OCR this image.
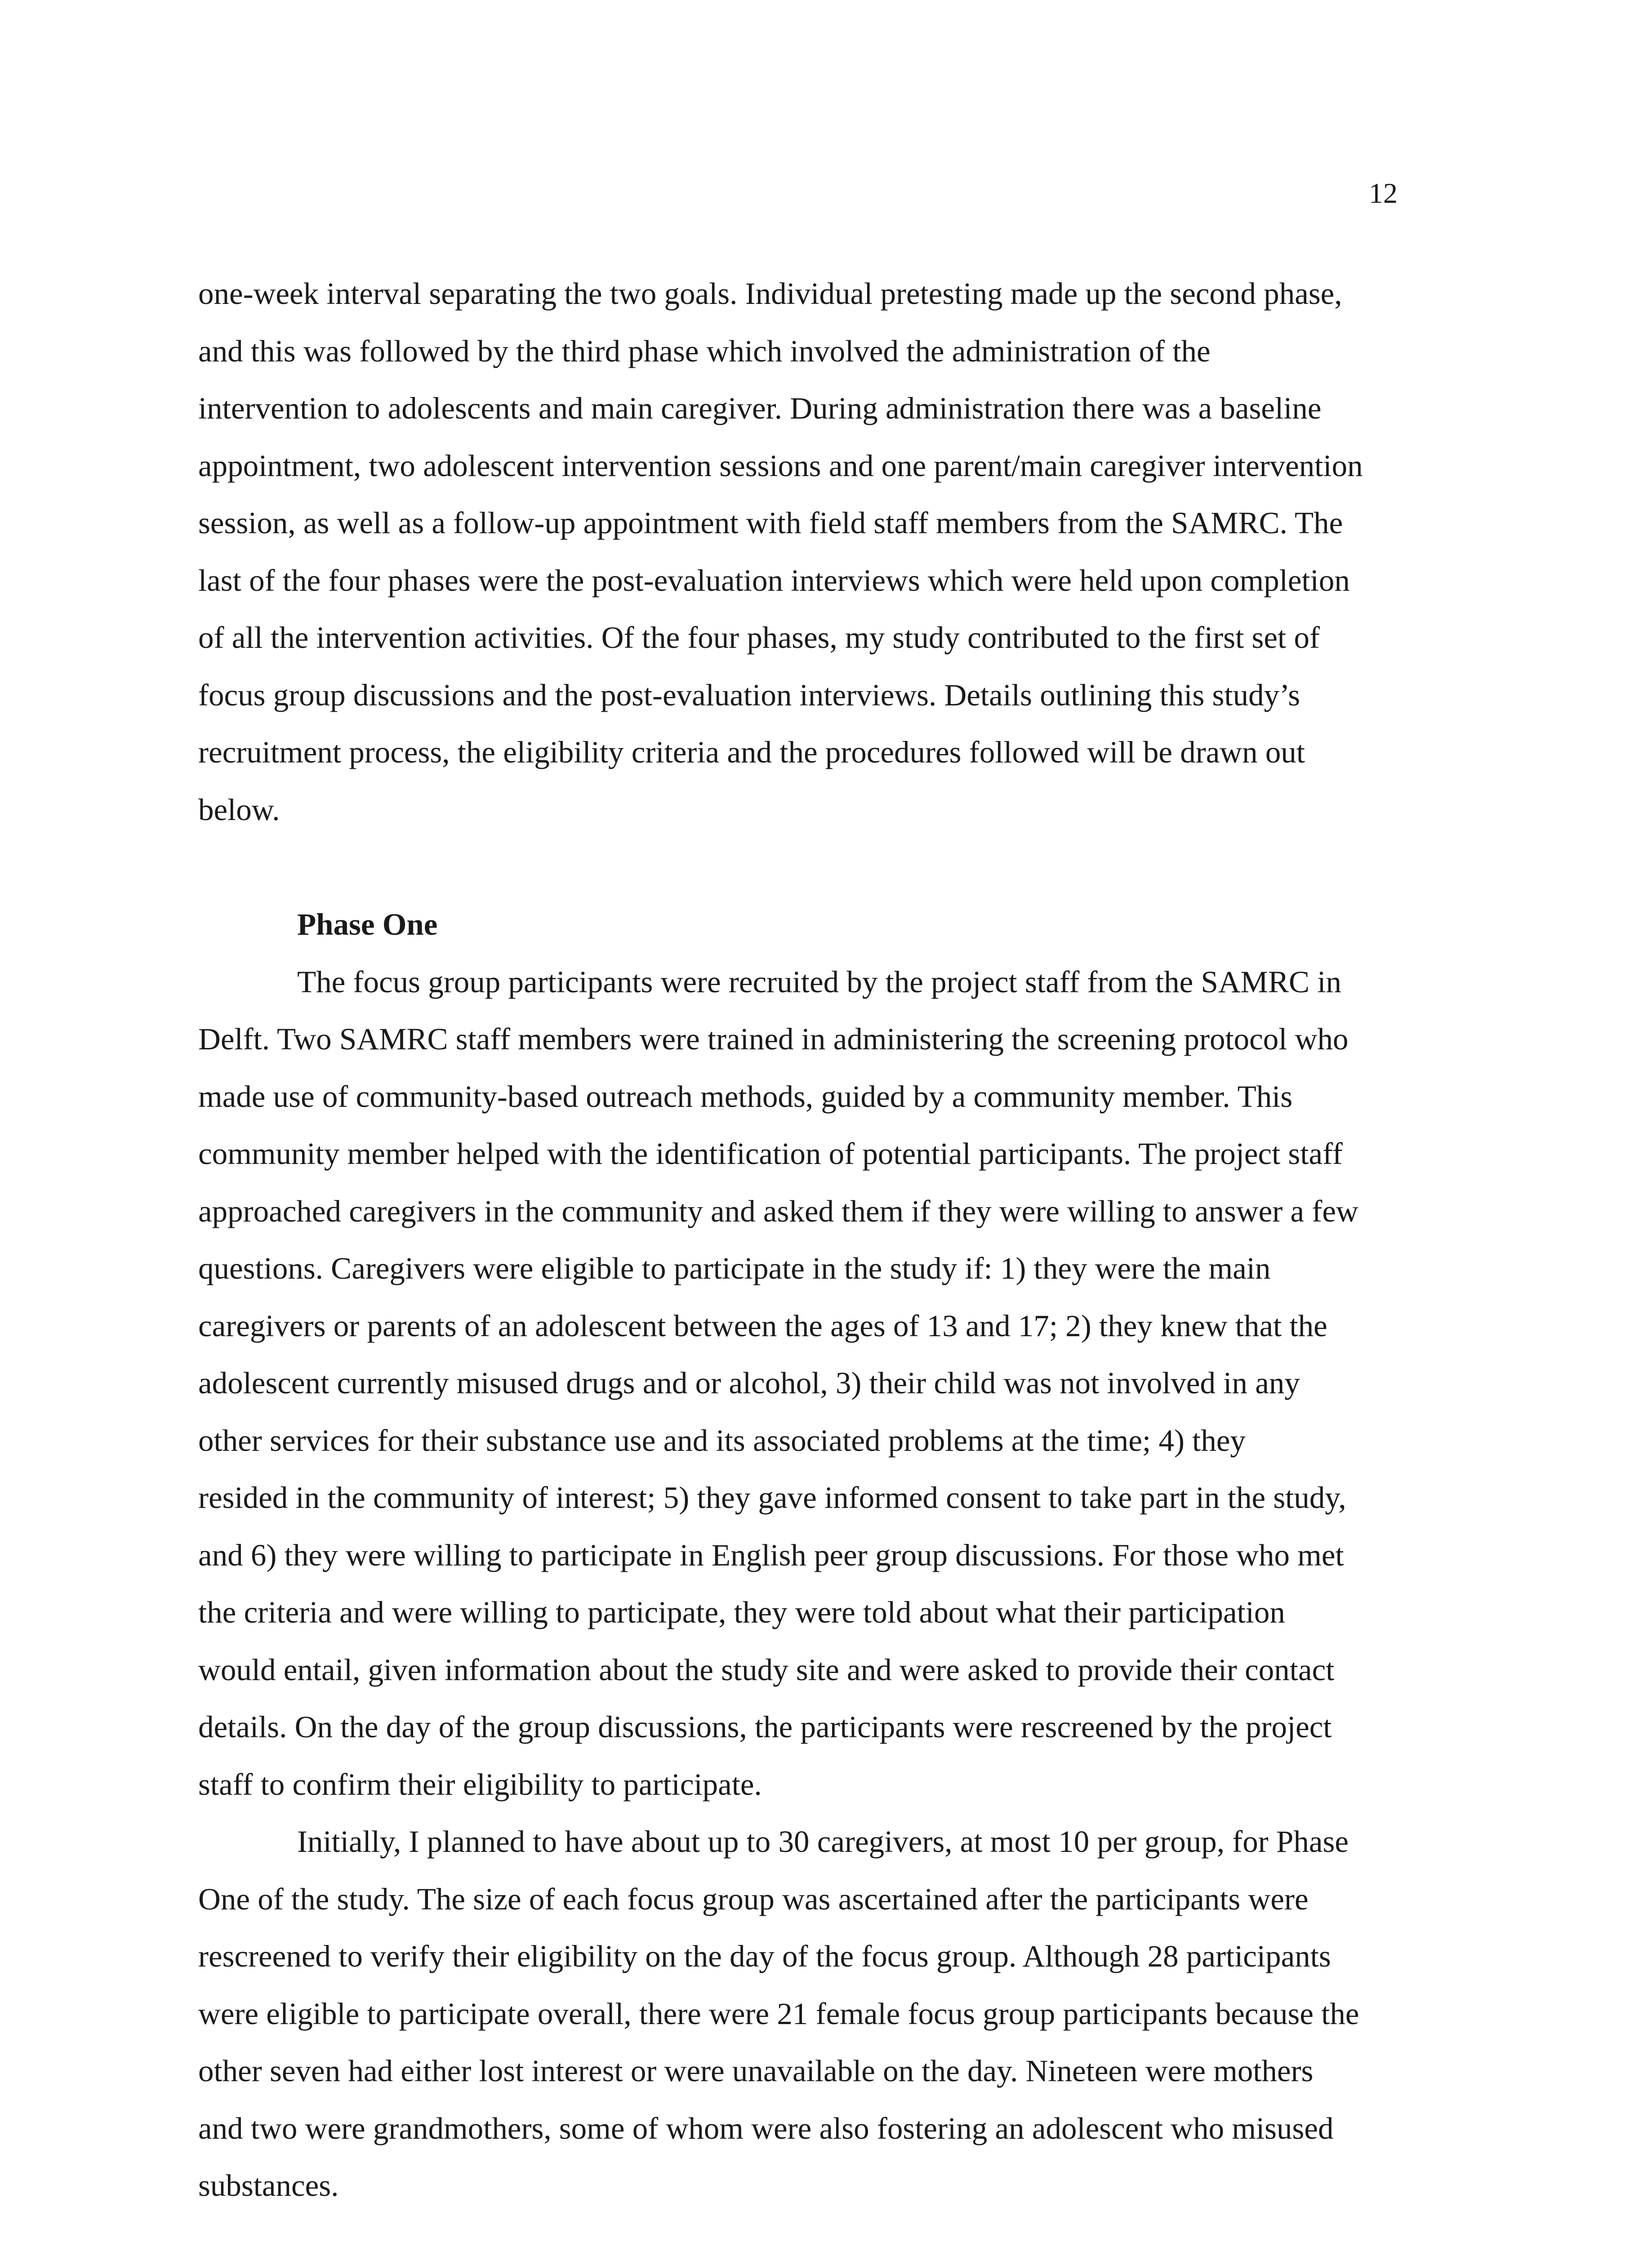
12

one-week interval separating the two goals. Individual pretesting made up the second phase,
and this was followed by the third phase which involved the administration of the
intervention to adolescents and main caregiver. During administration there was a baseline
appointment, two adolescent intervention sessions and one parent/main caregiver intervention
session, as well as a follow-up appointment with field staff members from the SAMRC. The
last of the four phases were the post-evaluation interviews which were held upon completion
of all the intervention activities. Of the four phases, my study contributed to the first set of
focus group discussions and the post-evaluation interviews. Details outlining this study’s
recruitment process, the eligibility criteria and the procedures followed will be drawn out
below.

Phase One

The focus group participants were recruited by the project staff from the SAMRC in
Delft. Two SAMRC staff members were trained in administering the screening protocol who
made use of community-based outreach methods, guided by a community member. This
community member helped with the identification of potential participants. The project staff
approached caregivers in the community and asked them if they were willing to answer a few
questions. Caregivers were eligible to participate in the study if: 1) they were the main
caregivers or parents of an adolescent between the ages of 13 and 17; 2) they knew that the
adolescent currently misused drugs and or alcohol, 3) their child was not involved in any
other services for their substance use and its associated problems at the time; 4) they
resided in the community of interest; 5) they gave informed consent to take part in the study,
and 6) they were willing to participate in English peer group discussions. For those who met
the criteria and were willing to participate, they were told about what their participation
would entail, given information about the study site and were asked to provide their contact
details. On the day of the group discussions, the participants were rescreened by the project
staff to confirm their eligibility to participate.

Initially, I planned to have about up to 30 caregivers, at most 10 per group, for Phase
One of the study. The size of each focus group was ascertained after the participants were
rescreened to verify their eligibility on the day of the focus group. Although 28 participants
were eligible to participate overall, there were 21 female focus group participants because the
other seven had either lost interest or were unavailable on the day. Nineteen were mothers
and two were grandmothers, some of whom were also fostering an adolescent who misused
substances.
